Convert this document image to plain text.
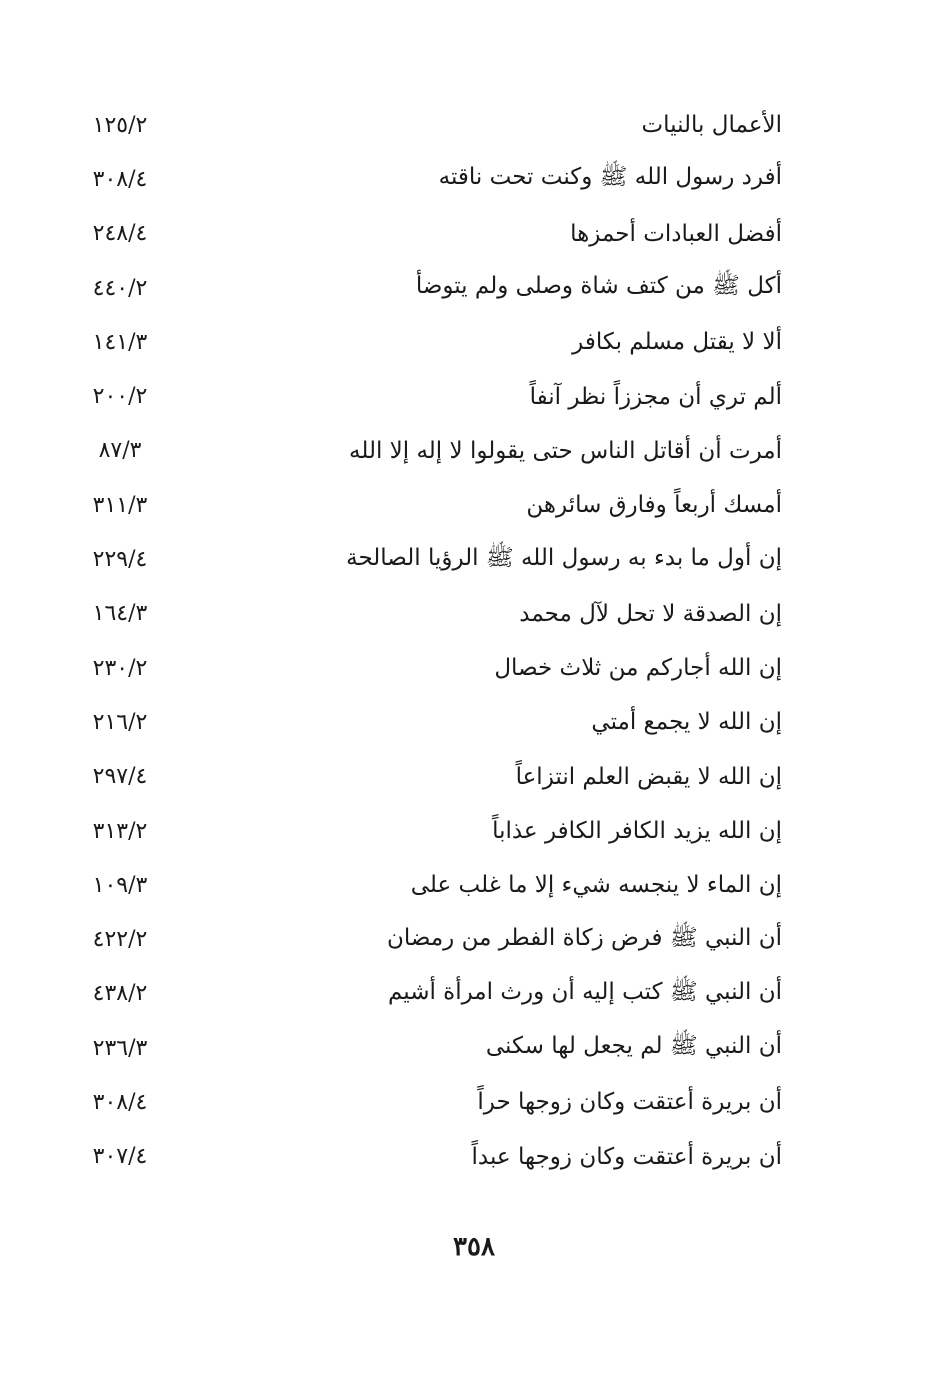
١٢٥/٢	الأعمال بالنيات
٣٠٨/٤	أفرد رسول الله ﷺ وكنت تحت ناقته
٢٤٨/٤	أفضل العبادات أحمزها
٤٤٠/٢	أكل ﷺ من كتف شاة وصلى ولم يتوضأ
١٤١/٣	ألا لا يقتل مسلم بكافر
٢٠٠/٢	ألم تري أن مجززاً نظر آنفاً
٨٧/٣	أمرت أن أقاتل الناس حتى يقولوا لا إله إلا الله
٣١١/٣	أمسك أربعاً وفارق سائرهن
٢٢٩/٤	إن أول ما بدء به رسول الله ﷺ الرؤيا الصالحة
١٦٤/٣	إن الصدقة لا تحل لآل محمد
٢٣٠/٢	إن الله أجاركم من ثلاث خصال
٢١٦/٢	إن الله لا يجمع أمتي
٢٩٧/٤	إن الله لا يقبض العلم انتزاعاً
٣١٣/٢	إن الله يزيد الكافر الكافر عذاباً
١٠٩/٣	إن الماء لا ينجسه شيء إلا ما غلب على
٤٢٢/٢	أن النبي ﷺ فرض زكاة الفطر من رمضان
٤٣٨/٢	أن النبي ﷺ كتب إليه أن ورث امرأة أشيم
٢٣٦/٣	أن النبي ﷺ لم يجعل لها سكنى
٣٠٨/٤	أن بريرة أعتقت وكان زوجها حراً
٣٠٧/٤	أن بريرة أعتقت وكان زوجها عبداً
٣٥٨
